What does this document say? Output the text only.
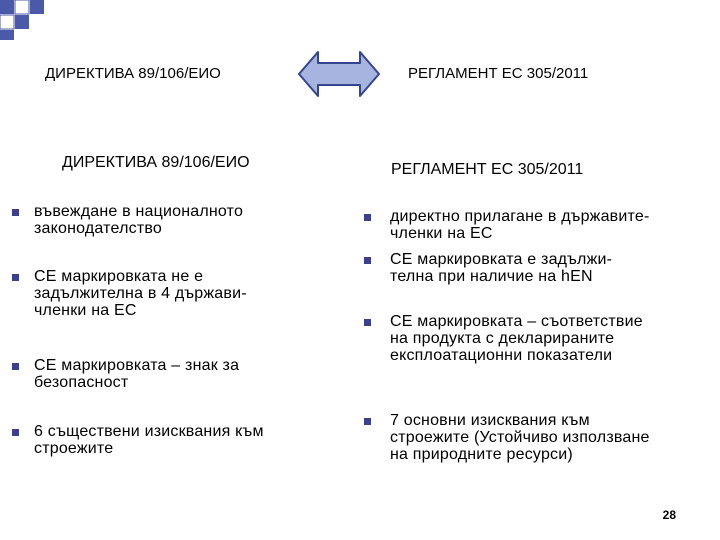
ДИРЕКТИВА 89/106/ЕИО	РЕГЛАМЕНТ ЕС 305/2011
ДИРЕКТИВА 89/106/ЕИО	РЕГЛАМЕНТ ЕС 305/2011
въвеждане в националното законодателство
CE маркировката не е задължителна в 4 държави-членки на ЕС
CE маркировката – знак за безопасност
6 съществени изисквания към строежите
директно прилагане в държавите-членки на ЕС
CE маркировката е задължи-телна при наличие на hEN
CE маркировката – съответствие на продукта с декларираните експлоатационни показатели
7 основни изисквания към строежите (Устойчиво използване на природните ресурси)
28
